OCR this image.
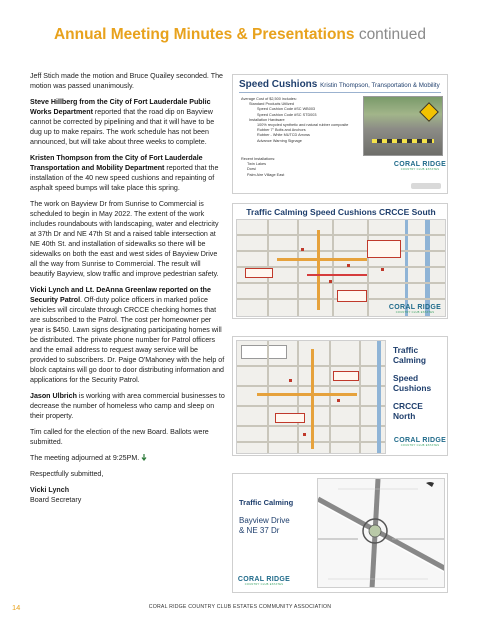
Annual Meeting Minutes & Presentations continued

Jeff Stich made the motion and Bruce Quailey seconded. The motion was passed unanimously.

Steve Hillberg from the City of Fort Lauderdale Public Works Department reported that the road dip on Bayview cannot be corrected by pipelining and that it will have to be dug up to make repairs. The work schedule has not been announced, but will take about three weeks to complete.

Kristen Thompson from the City of Fort Lauderdale Transportation and Mobility Department reported that the installation of the 40 new speed cushions and repainting of asphalt speed bumps will take place this spring.

The work on Bayview Dr from Sunrise to Commercial is scheduled to begin in May 2022. The extent of the work includes roundabouts with landscaping, water and electricity at 37th Dr and NE 47th St and a raised table intersection at NE 40th St. and installation of sidewalks so there will be sidewalks on both the east and west sides of Bayview Drive all the way from Sunrise to Commercial. The result will beautify Bayview, slow traffic and improve pedestrian safety.

Vicki Lynch and Lt. DeAnna Greenlaw reported on the Security Patrol. Off-duty police officers in marked police vehicles will circulate through CRCCE checking homes that are subscribed to the Patrol. The cost per homeowner per year is $450. Lawn signs designating participating homes will be distributed. The private phone number for Patrol officers and the email address to request away service will be provided to subscribers. Dr. Paige O'Mahoney with the help of block captains will go door to door distributing information and applications for the Security Patrol.

Jason Ulbrich is working with area commercial businesses to decrease the number of homeless who camp and sleep on their property.

Tim called for the election of the new Board. Ballots were submitted.

The meeting adjourned at 9:25PM.

Respectfully submitted,

Vicki Lynch

Board Secretary

Speed Cushions Kristin Thompson, Transportation & Mobility
Average Cost of $2,500 includes:
Standard Products Utilized
Speed Cushion Code #SC WB003
Speed Cushion Code #SC STD003
Installation Hardware
100% recycled synthetic and natural rubber composite
Rubber 7" Bolts and Anchors
Rubber - White MUTCD Arrows
Advance Warning Signage
Recent Installations:
Twin Lakes
Dorsi
Palm Aire Village East
CORAL RIDGE
COUNTRY CLUB ESTATES
Traffic Calming Speed Cushions CRCCE South
CORAL RIDGE
COUNTRY CLUB ESTATES
Traffic
Calming
Speed
Cushions
CRCCE North
CORAL RIDGE
COUNTRY CLUB ESTATES
Traffic Calming
Bayview Drive
& NE 37 Dr
CORAL RIDGE
COUNTRY CLUB ESTATES
14	CORAL RIDGE COUNTRY CLUB ESTATES COMMUNITY ASSOCIATION
